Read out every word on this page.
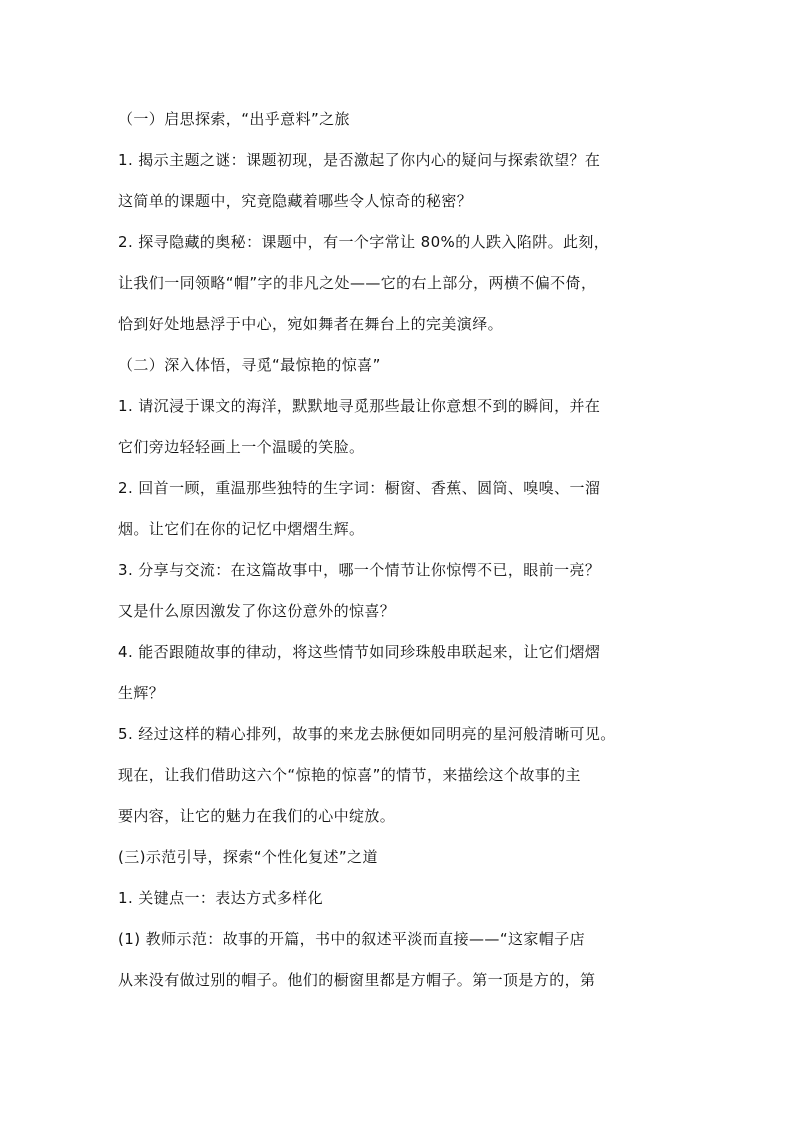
（一）启思探索，“出乎意料”之旅
1. 揭示主题之谜：课题初现，是否激起了你内心的疑问与探索欲望？在
这简单的课题中，究竟隐藏着哪些令人惊奇的秘密？
2. 探寻隐藏的奥秘：课题中，有一个字常让 80%的人跌入陷阱。此刻，
让我们一同领略“帽”字的非凡之处——它的右上部分，两横不偏不倚，
恰到好处地悬浮于中心，宛如舞者在舞台上的完美演绎。
（二）深入体悟，寻觅“最惊艳的惊喜”
1. 请沉浸于课文的海洋，默默地寻觅那些最让你意想不到的瞬间，并在
它们旁边轻轻画上一个温暖的笑脸。
2. 回首一顾，重温那些独特的生字词：橱窗、香蕉、圆筒、嗅嗅、一溜
烟。让它们在你的记忆中熠熠生辉。
3. 分享与交流：在这篇故事中，哪一个情节让你惊愕不已，眼前一亮？
又是什么原因激发了你这份意外的惊喜？
4. 能否跟随故事的律动，将这些情节如同珍珠般串联起来，让它们熠熠
生辉？
5. 经过这样的精心排列，故事的来龙去脉便如同明亮的星河般清晰可见。
现在，让我们借助这六个“惊艳的惊喜”的情节，来描绘这个故事的主
要内容，让它的魅力在我们的心中绽放。
(三)示范引导，探索“个性化复述”之道
1. 关键点一：表达方式多样化
(1) 教师示范：故事的开篇，书中的叙述平淡而直接——“这家帽子店
从来没有做过别的帽子。他们的橱窗里都是方帽子。第一顶是方的，第
